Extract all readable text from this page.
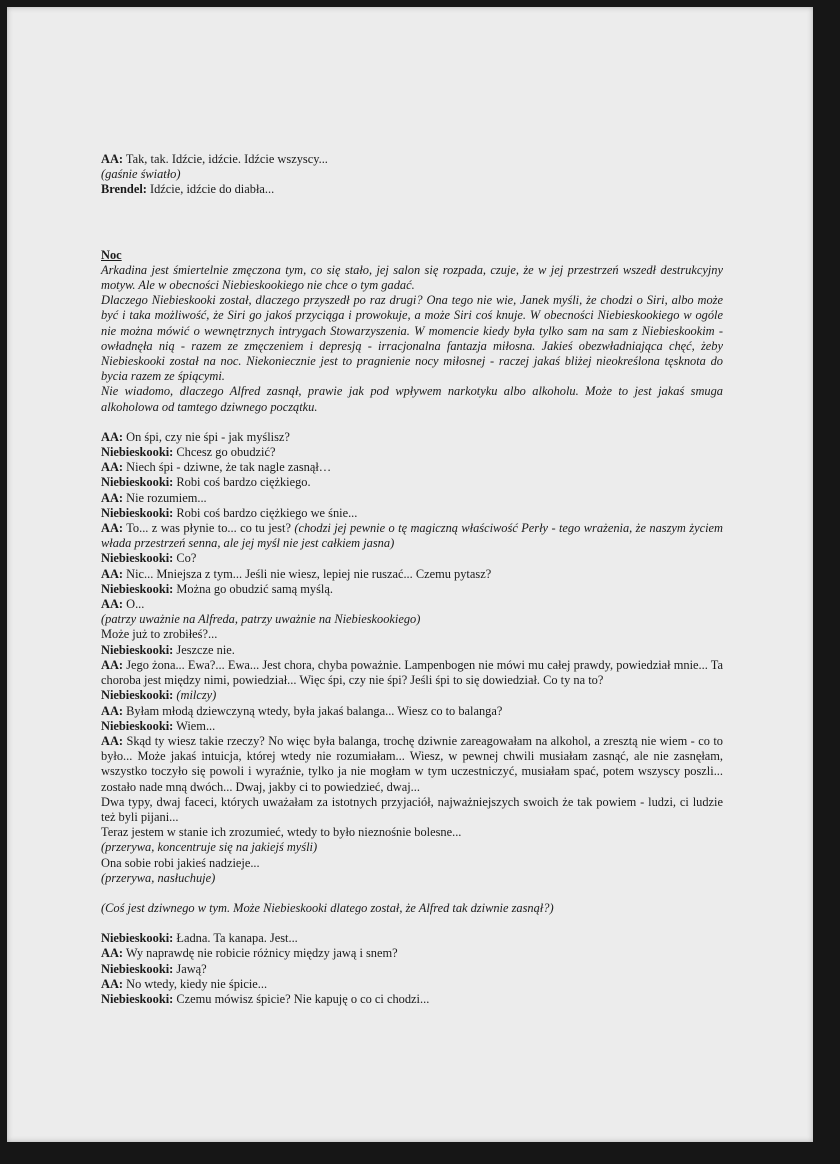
AA: Tak, tak. Idźcie, idźcie. Idźcie wszyscy...
(gaśnie światło)
Brendel: Idźcie, idźcie do diabła...
Noc
Arkadina jest śmiertelnie zmęczona tym, co się stało, jej salon się rozpada, czuje, że w jej przestrzeń wszedł destrukcyjny motyw. Ale w obecności Niebieskookiego nie chce o tym gadać.
Dlaczego Niebieskooki został, dlaczego przyszedł po raz drugi? Ona tego nie wie, Janek myśli, że chodzi o Siri, albo może być i taka możliwość, że Siri go jakoś przyciąga i prowokuje, a może Siri coś knuje. W obecności Niebieskookiego w ogóle nie można mówić o wewnętrznych intrygach Stowarzyszenia. W momencie kiedy była tylko sam na sam z Niebieskookim - owładnęła nią - razem ze zmęczeniem i depresją - irracjonalna fantazja miłosna. Jakieś obezwładniająca chęć, żeby Niebieskooki został na noc. Niekoniecznie jest to pragnienie nocy miłosnej - raczej jakaś bliżej nieokreślona tęsknota do bycia razem ze śpiącymi.
Nie wiadomo, dlaczego Alfred zasnął, prawie jak pod wpływem narkotyku albo alkoholu. Może to jest jakaś smuga alkoholowa od tamtego dziwnego początku.
AA: On śpi, czy nie śpi - jak myślisz?
Niebieskooki: Chcesz go obudzić?
AA: Niech śpi - dziwne, że tak nagle zasnął…
Niebieskooki: Robi coś bardzo ciężkiego.
AA: Nie rozumiem...
Niebieskooki: Robi coś bardzo ciężkiego we śnie...
AA: To... z was płynie to... co tu jest? (chodzi jej pewnie o tę magiczną właściwość Perły - tego wrażenia, że naszym życiem włada przestrzeń senna, ale jej myśl nie jest całkiem jasna)
Niebieskooki: Co?
AA: Nic... Mniejsza z tym... Jeśli nie wiesz, lepiej nie ruszać... Czemu pytasz?
Niebieskooki: Można go obudzić samą myślą.
AA: O...
(patrzy uważnie na Alfreda, patrzy uważnie na Niebieskookiego)
Może już to zrobiłeś?...
Niebieskooki: Jeszcze nie.
AA: Jego żona... Ewa?... Ewa... Jest chora, chyba poważnie. Lampenbogen nie mówi mu całej prawdy, powiedział mnie... Ta choroba jest między nimi, powiedział... Więc śpi, czy nie śpi? Jeśli śpi to się dowiedział. Co ty na to?
Niebieskooki: (milczy)
AA: Byłam młodą dziewczyną wtedy, była jakaś balanga... Wiesz co to balanga?
Niebieskooki: Wiem...
AA: Skąd ty wiesz takie rzeczy? No więc była balanga, trochę dziwnie zareagowałam na alkohol, a zresztą nie wiem - co to było... Może jakaś intuicja, której wtedy nie rozumiałam... Wiesz, w pewnej chwili musiałam zasnąć, ale nie zasnęłam, wszystko toczyło się powoli i wyraźnie, tylko ja nie mogłam w tym uczestniczyć, musiałam spać, potem wszyscy poszli... zostało nade mną dwóch... Dwaj, jakby ci to powiedzieć, dwaj...
Dwa typy, dwaj faceci, których uważałam za istotnych przyjaciół, najważniejszych swoich że tak powiem - ludzi, ci ludzie też byli pijani...
Teraz jestem w stanie ich zrozumieć, wtedy to było nieznośnie bolesne...
(przerywa, koncentruje się na jakiejś myśli)
Ona sobie robi jakieś nadzieje...
(przerywa, nasłuchuje)
(Coś jest dziwnego w tym. Może Niebieskooki dlatego został, że Alfred tak dziwnie zasnął?)
Niebieskooki: Ładna. Ta kanapa. Jest...
AA: Wy naprawdę nie robicie różnicy między jawą i snem?
Niebieskooki: Jawą?
AA: No wtedy, kiedy nie śpicie...
Niebieskooki: Czemu mówisz śpicie? Nie kapuję o co ci chodzi...
